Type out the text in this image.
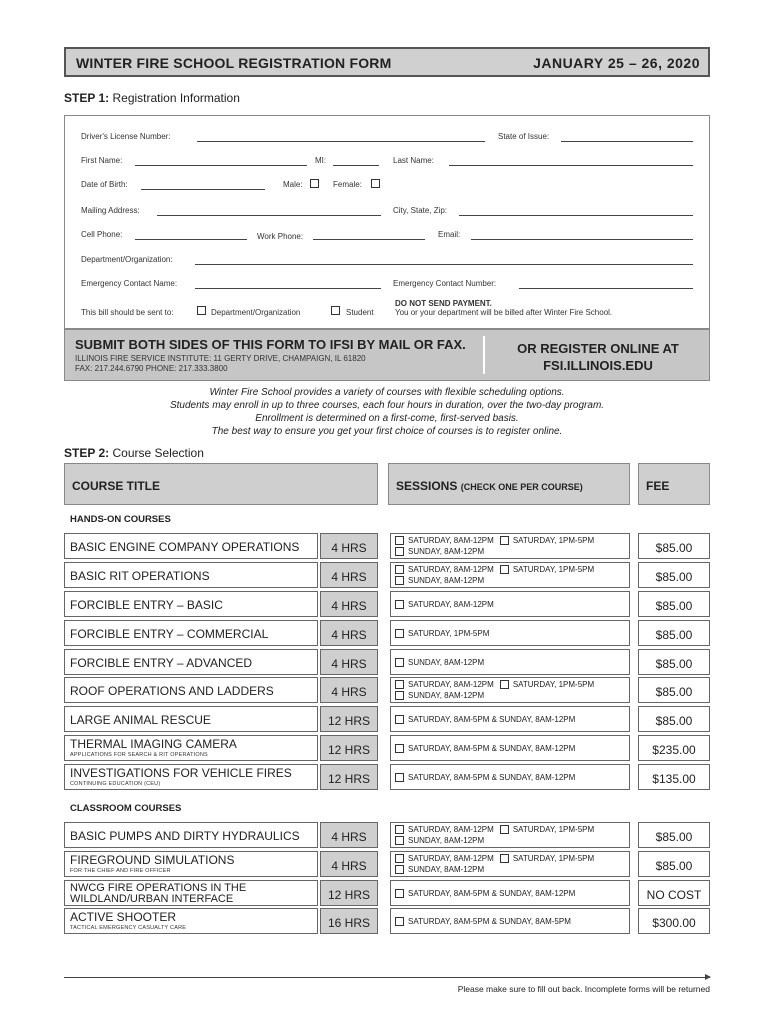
WINTER FIRE SCHOOL REGISTRATION FORM	JANUARY 25 – 26, 2020
STEP 1: Registration Information
Driver's License Number:	State of Issue:
First Name:	MI:	Last Name:
Date of Birth:	Male:	Female:
Mailing Address:	City, State, Zip:
Cell Phone:	Work Phone:	Email:
Department/Organization:
Emergency Contact Name:	Emergency Contact Number:
This bill should be sent to:	Department/Organization	Student
DO NOT SEND PAYMENT.
You or your department will be billed after Winter Fire School.
SUBMIT BOTH SIDES OF THIS FORM TO IFSI BY MAIL OR FAX.
ILLINOIS FIRE SERVICE INSTITUTE: 11 GERTY DRIVE, CHAMPAIGN, IL 61820
FAX: 217.244.6790 PHONE: 217.333.3800
OR REGISTER ONLINE AT
FSI.ILLINOIS.EDU
Winter Fire School provides a variety of courses with flexible scheduling options.
Students may enroll in up to three courses, each four hours in duration, over the two-day program.
Enrollment is determined on a first-come, first-served basis.
The best way to ensure you get your first choice of courses is to register online.
STEP 2: Course Selection
COURSE TITLE	SESSIONS (CHECK ONE PER COURSE)	FEE
HANDS-ON COURSES
CLASSROOM COURSES
BASIC ENGINE COMPANY OPERATIONS	4 HRS
SATURDAY, 8AM-12PM SATURDAY, 1PM-5PM
SUNDAY, 8AM-12PM	$85.00
BASIC RIT OPERATIONS	4 HRS
SATURDAY, 8AM-12PM SATURDAY, 1PM-5PM
SUNDAY, 8AM-12PM	$85.00
FORCIBLE ENTRY – BASIC	4 HRS	SATURDAY, 8AM-12PM	$85.00
FORCIBLE ENTRY – COMMERCIAL	4 HRS	SATURDAY, 1PM-5PM	$85.00
FORCIBLE ENTRY – ADVANCED	4 HRS	SUNDAY, 8AM-12PM	$85.00
ROOF OPERATIONS AND LADDERS	4 HRS
SATURDAY, 8AM-12PM SATURDAY, 1PM-5PM
SUNDAY, 8AM-12PM	$85.00
LARGE ANIMAL RESCUE	12 HRS	SATURDAY, 8AM-5PM & SUNDAY, 8AM-12PM	$85.00
THERMAL IMAGING CAMERA
APPLICATIONS FOR SEARCH & RIT OPERATIONS	12 HRS	SATURDAY, 8AM-5PM & SUNDAY, 8AM-12PM	$235.00
INVESTIGATIONS FOR VEHICLE FIRES
CONTINUING EDUCATION (CEU)	12 HRS	SATURDAY, 8AM-5PM & SUNDAY, 8AM-12PM	$135.00
BASIC PUMPS AND DIRTY HYDRAULICS	4 HRS
SATURDAY, 8AM-12PM SATURDAY, 1PM-5PM
SUNDAY, 8AM-12PM	$85.00
FIREGROUND SIMULATIONS
FOR THE CHIEF AND FIRE OFFICER	4 HRS
SATURDAY, 8AM-12PM SATURDAY, 1PM-5PM
SUNDAY, 8AM-12PM	$85.00
NWCG FIRE OPERATIONS IN THE
WILDLAND/URBAN INTERFACE	12 HRS	SATURDAY, 8AM-5PM & SUNDAY, 8AM-12PM	NO COST
ACTIVE SHOOTER
TACTICAL EMERGENCY CASUALTY CARE	16 HRS	SATURDAY, 8AM-5PM & SUNDAY, 8AM-5PM	$300.00
Please make sure to fill out back. Incomplete forms will be returned
